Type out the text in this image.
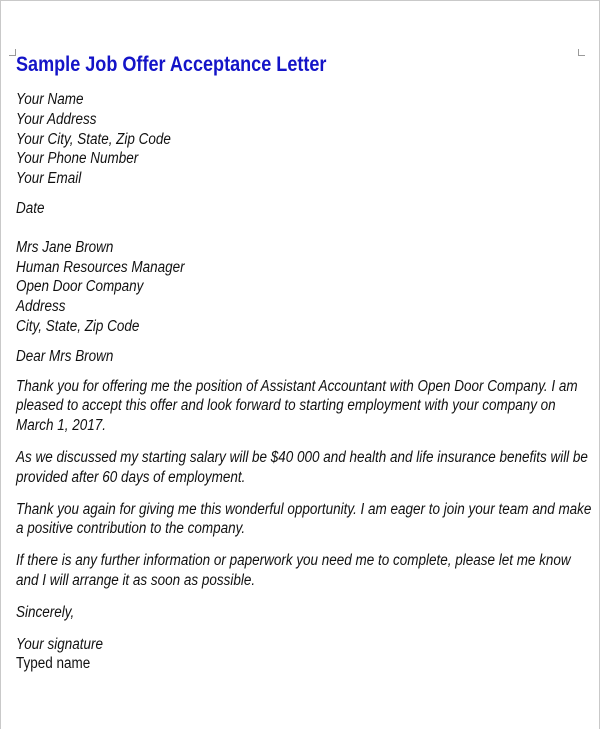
Sample Job Offer Acceptance Letter
Your Name
Your Address
Your City, State, Zip Code
Your Phone Number
Your Email
Date
Mrs Jane Brown
Human Resources Manager
Open Door Company
Address
City, State, Zip Code
Dear Mrs Brown
Thank you for offering me the position of Assistant Accountant with Open Door Company. I am
pleased to accept this offer and look forward to starting employment with your company on
March 1, 2017.
As we discussed my starting salary will be $40 000 and health and life insurance benefits will be
provided after 60 days of employment.
Thank you again for giving me this wonderful opportunity. I am eager to join your team and make
a positive contribution to the company.
If there is any further information or paperwork you need me to complete, please let me know
and I will arrange it as soon as possible.
Sincerely,
Your signature
Typed name
